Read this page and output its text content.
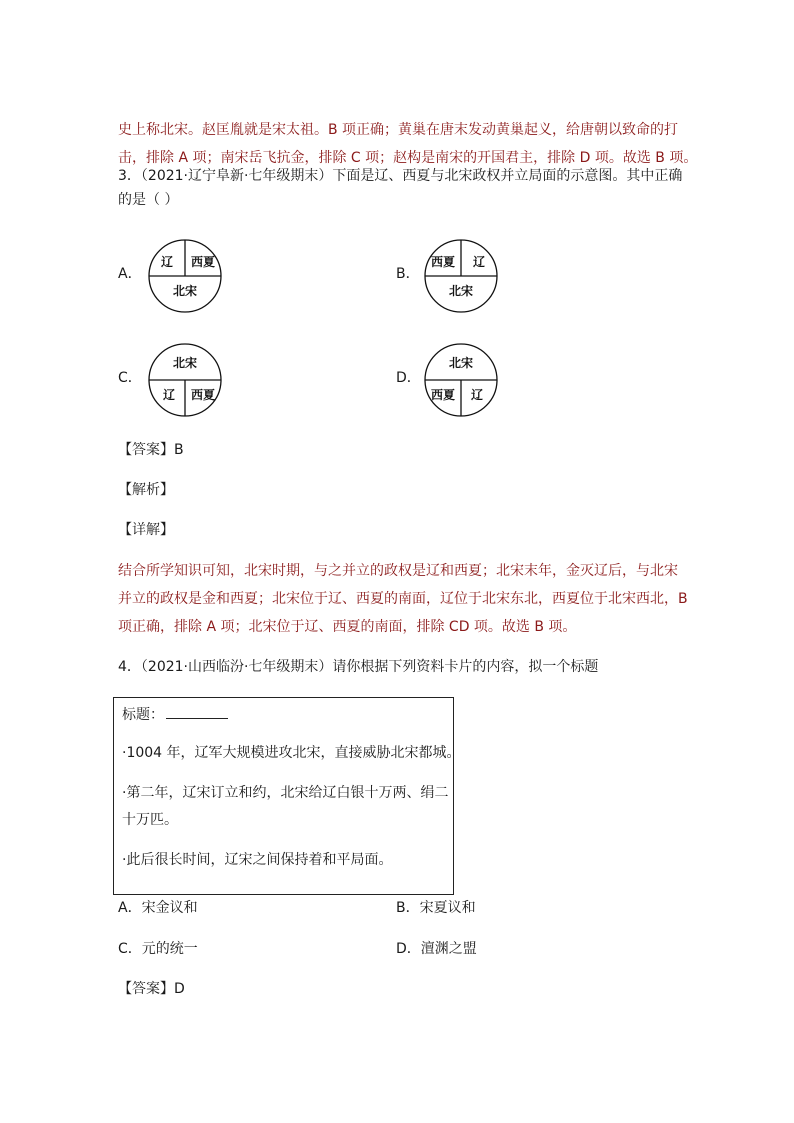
史上称北宋。赵匡胤就是宋太祖。B 项正确；黄巢在唐末发动黄巢起义，给唐朝以致命的打
击，排除 A 项；南宋岳飞抗金，排除 C 项；赵构是南宋的开国君主，排除 D 项。故选 B 项。
3．（2021·辽宁阜新·七年级期末）下面是辽、西夏与北宋政权并立局面的示意图。其中正确
的是（ ）
A．
辽 西夏
北宋
B．
西夏 辽
北宋
C．
北宋
辽 西夏
D．
北宋
西夏 辽
【答案】B
【解析】
【详解】
结合所学知识可知，北宋时期，与之并立的政权是辽和西夏；北宋末年，金灭辽后，与北宋
并立的政权是金和西夏；北宋位于辽、西夏的南面，辽位于北宋东北，西夏位于北宋西北，B
项正确，排除 A 项；北宋位于辽、西夏的南面，排除 CD 项。故选 B 项。
4．（2021·山西临汾·七年级期末）请你根据下列资料卡片的内容，拟一个标题
标题：
·1004 年，辽军大规模进攻北宋，直接威胁北宋都城。
·第二年，辽宋订立和约，北宋给辽白银十万两、绢二
十万匹。
·此后很长时间，辽宋之间保持着和平局面。
A．宋金议和	B．宋夏议和
C．元的统一	D．澶渊之盟
【答案】D
